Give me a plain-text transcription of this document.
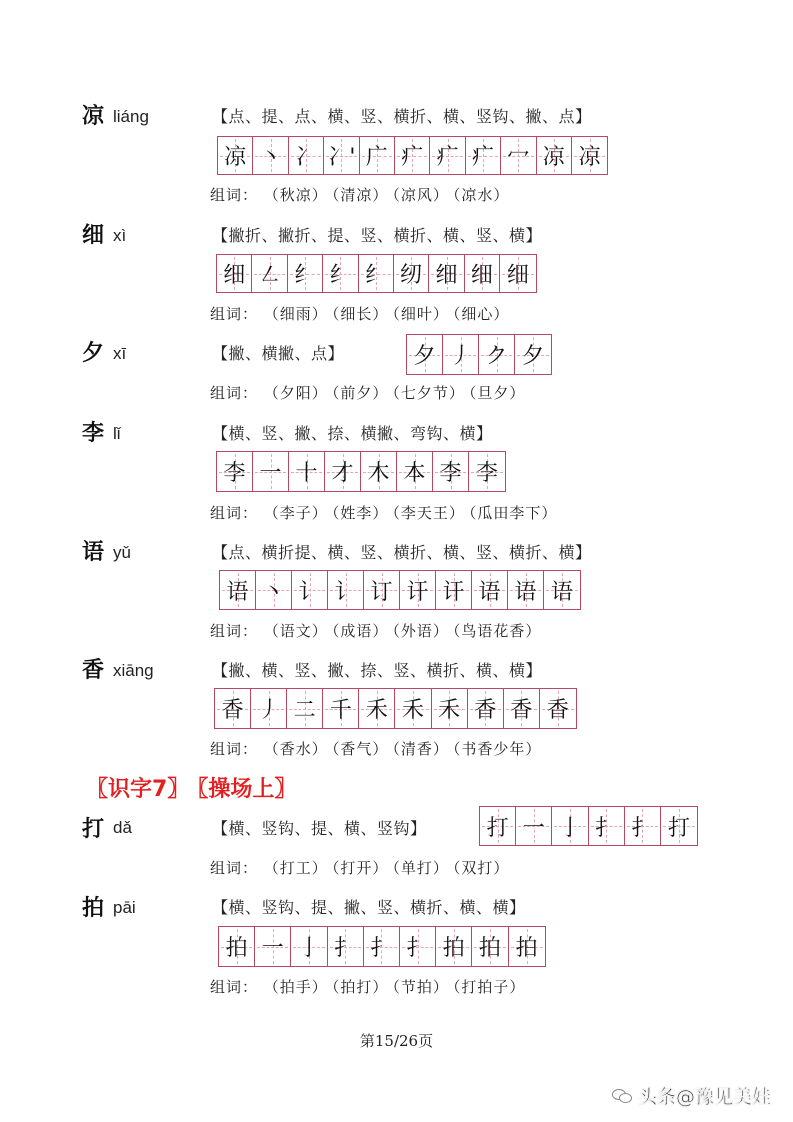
凉 liáng	【点、提、点、横、竖、横折、横、竖钩、撇、点】
凉 丶 冫 冫' 广 疒 疒 疒 冖 凉 凉
组词： （秋凉） （清凉） （凉风） （凉水）
细 xì	【撇折、撇折、提、竖、横折、横、竖、横】
细 ㇜ 纟 纟 纟 纫 细 细 细
组词： （细雨） （细长） （细叶） （细心）
夕 xī	【撇、横撇、点】	夕 丿 ク 夕
组词： （夕阳） （前夕） （七夕节） （旦夕）
李 lǐ	【横、竖、撇、捺、横撇、弯钩、横】
李 一 十 才 木 本 李 李
组词： （李子） （姓李） （李天王） （瓜田李下）
语 yǔ	【点、横折提、横、竖、横折、横、竖、横折、横】
语 丶 讠 讠 订 讦 讦 语 语 语
组词： （语文） （成语） （外语） （鸟语花香）
香 xiāng	【撇、横、竖、撇、捺、竖、横折、横、横】
香 丿 二 千 禾 禾 禾 香 香 香
组词： （香水） （香气） （清香） （书香少年）
〖识字7〗 〖操场上〗
打 dǎ	【横、竖钩、提、横、竖钩】	打 一 亅 扌 扌 打
组词： （打工） （打开） （单打） （双打）
拍 pāi	【横、竖钩、提、撇、竖、横折、横、横】
拍 一 亅 扌 扌 扌 拍 拍 拍
组词： （拍手） （拍打） （节拍） （打拍子）
第15/26页
头条@豫见美娃
